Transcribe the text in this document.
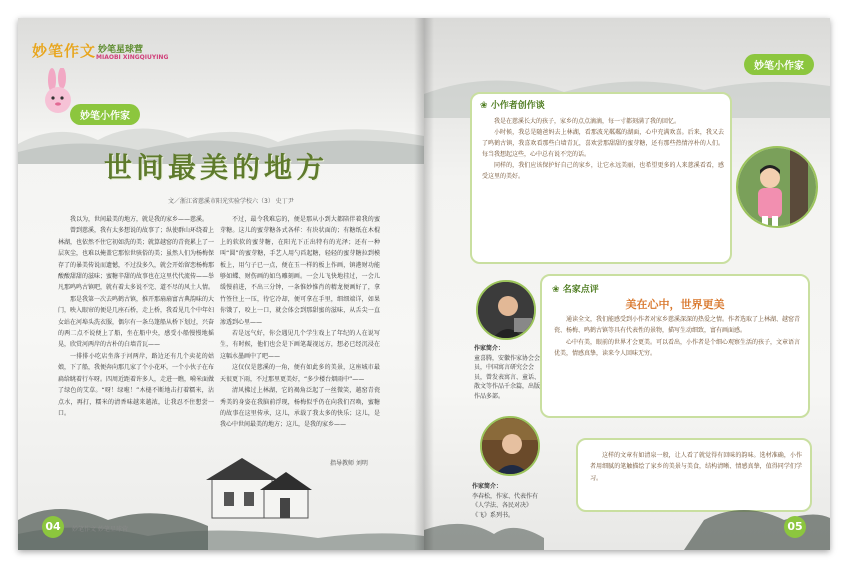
妙笔作文 妙笔星球营
MIAOBI XINGQIUYING
妙笔小作家
世间最美的地方
文／浙江省慈溪市阳光实验学校六（3） 史丁尹

我以为，世间最美的地方，就是我的家乡——慈溪。

曾到慈溪，我有太多想说的故事了；纵使群山环绕着上林湖，也依然不住它初如洗的美；就算越窑的青瓷累上了一层灰尘，也难以掩盖它那惊世骇俗的美；虽然人们为杨梅保存了的暴美传说而遗憾，不过没多久，就会开始留恋杨梅那酸酸甜甜的滋味；蜜糖辛甜的故事也在这里代代流传——举凡那鸣鸣古镇吧，就有着太多说不完、道不尽的风土人情。

那是我第一次去鸣鹤古镇，推开那扇扇富古典韵味的大门，映入眼帘的便是几座石桥，走上桥，我看见几个中年妇女站在河埠头洗衣服，偶尔有一条乌篷船从桥下划过，兴奋的两二点不说便上了船，坐在船中央，感受小船慢慢地摇晃，欣赏河两岸的古朴的白墙青瓦——

一排排小吃店坐落于河两岸，路边还有几个卖花的姑娘，下了船，我便奔向那几家了个小花环，一个小伙子在布扁给眺着行车呀。四周近距着许多人，走进一瞧，嗬米面做了绿色的艾草。“呀！绿啦！”木槌不断地击打着糯米，沾点水，再打，糯米的清香味越来越浓，让我忍不住想尝一口。

不过，最令我难忘的，便是那从小到大都陪伴着我的蜜芽糖。这儿的蜜芽糖各式各样：有块状面的；有糖纸在木棍上的软软的蜜芽糖，在阳光下正出特有的光泽；还有一种叫“圆”的蜜芽糖，手艺人用勺舀起糖，轻轻的蜜芽糖拉到模板上，用勺子已一点，便在玉一样的板上作画，镇港财功能够如蝶、财伤画的如鸟雕刻画。一会儿飞快地挂过，一会儿缓慢前进，不出三分钟，一条惟妙惟肖的精龙便画好了，拿竹签往上一压，待它冷却，便可拿在手里，细细端详，如果你饿了，咬上一口，就会体会到那甜蜜的滋味，从舌尖一直渗透到心里——

若是远气好，你会遇见几个学生戏上了年纪的人在说写生，有时候，他们也会是下画笔凝视远方，想必已经沉浸在这幅水墨画中了吧——

这仅仅是慈溪的一角，便有如此多的美景，这座城市最天很更下雨，不过那里更美好，“多少楼台烟雨中”——

清风拂过上林湖，它的褐角泛起了一丝微笑，越窑青瓷秀美的身姿在我脑前浮现，杨梅似乎仍在向我们召唤，蜜糖的故事在这里传承，这儿，承载了我太多的快乐；这儿，是我心中世间最美的地方；这儿，是我的家乡——

指导教师 刘明
04	妙笔作文 妙笔星球营
妙笔小作家
❀ 小作者创作谈

我是在慈溪长大的孩子，家乡的点点滴滴，每一寸都刻满了我的回忆。

小时候，我总是随爸妈去上林湖，看那波光粼粼的湖面，心中充满欢喜。后来，我又去了鸣鹤古镇，我喜欢看那些白墙青瓦，喜欢尝那甜甜的蜜芽糖，还有那些热情淳朴的人们。每当我想起这些，心中总有说不完的话。

同样的，我们应该保护好自己的家乡，让它永远美丽，也希望更多的人来慈溪看看，感受这里的美好。

❀ 名家点评
美在心中，世界更美

通读全文，我们能感受到小作者对家乡慈溪深深的热爱之情。作者选取了上林湖、越窑青瓷、杨梅、鸣鹤古镇等具有代表性的景物，描写生动细致，富有画面感。

心中有美，眼前的世界才会更美。可以看出，小作者是个细心观察生活的孩子，文章语言优美，情感真挚，读来令人回味无穷。

作家简介：
童喜腾，安徽作家协会会员，中国寓言研究会会员，曾发表寓言、童话、散文等作品千余篇，出版作品多部。
作家简介：
李春松，作家、代表作有《人学法、各民对决》《飞》系列书。

这样的文章有如清泉一般，让人看了就觉得有回味的韵味。选材准确，小作者用细腻的笔触描绘了家乡的美景与美食，结构清晰、情感真挚，值得同学们学习。

05
